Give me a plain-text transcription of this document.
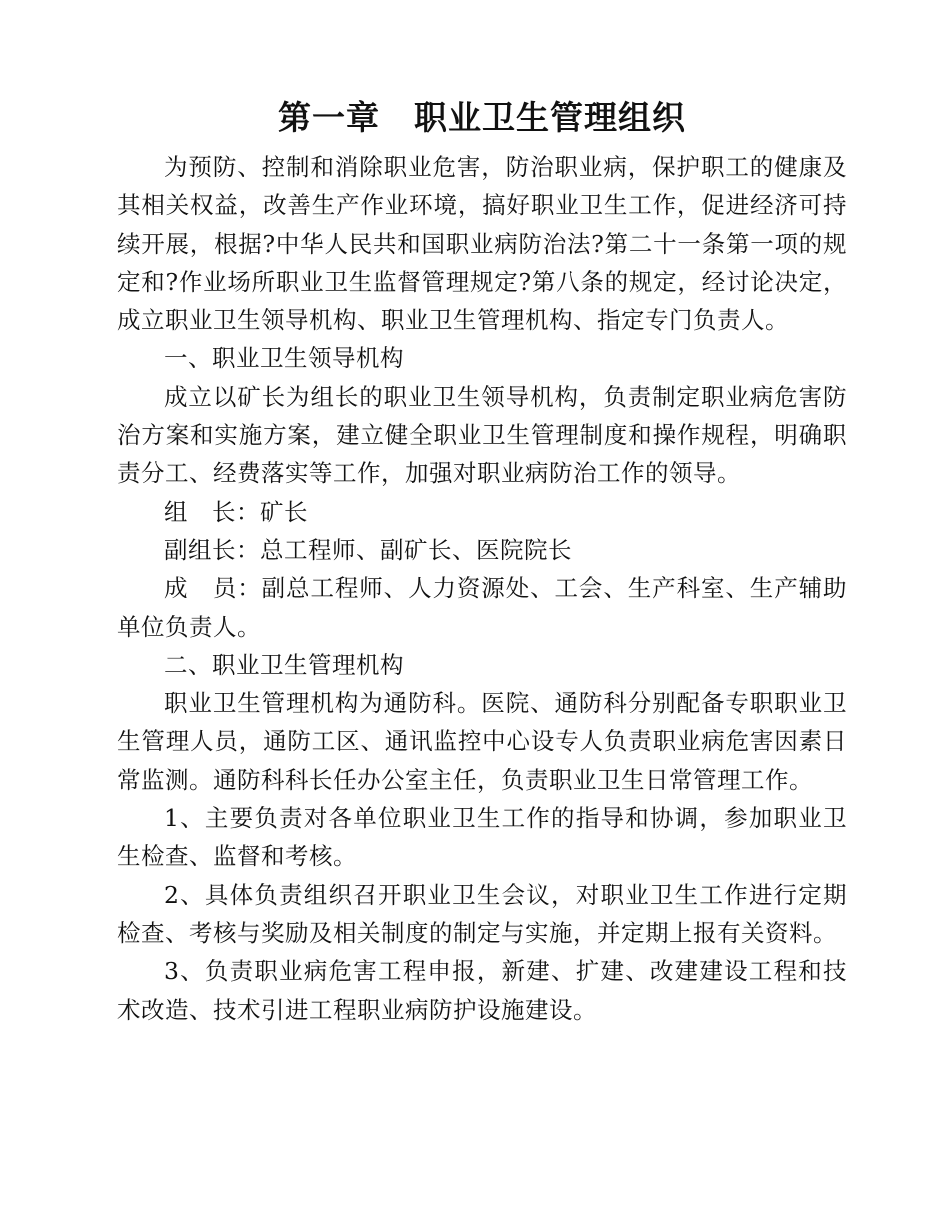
第一章　职业卫生管理组织

为预防、控制和消除职业危害，防治职业病，保护职工的健康及其相关权益，改善生产作业环境，搞好职业卫生工作，促进经济可持续开展，根据?中华人民共和国职业病防治法?第二十一条第一项的规定和?作业场所职业卫生监督管理规定?第八条的规定，经讨论决定，成立职业卫生领导机构、职业卫生管理机构、指定专门负责人。

一、职业卫生领导机构

成立以矿长为组长的职业卫生领导机构，负责制定职业病危害防治方案和实施方案，建立健全职业卫生管理制度和操作规程，明确职责分工、经费落实等工作，加强对职业病防治工作的领导。

组　长：矿长

副组长：总工程师、副矿长、医院院长

成　员：副总工程师、人力资源处、工会、生产科室、生产辅助单位负责人。

二、职业卫生管理机构

职业卫生管理机构为通防科。医院、通防科分别配备专职职业卫生管理人员，通防工区、通讯监控中心设专人负责职业病危害因素日常监测。通防科科长任办公室主任，负责职业卫生日常管理工作。

1、主要负责对各单位职业卫生工作的指导和协调，参加职业卫生检查、监督和考核。

2、具体负责组织召开职业卫生会议，对职业卫生工作进行定期检查、考核与奖励及相关制度的制定与实施，并定期上报有关资料。

3、负责职业病危害工程申报，新建、扩建、改建建设工程和技术改造、技术引进工程职业病防护设施建设。
